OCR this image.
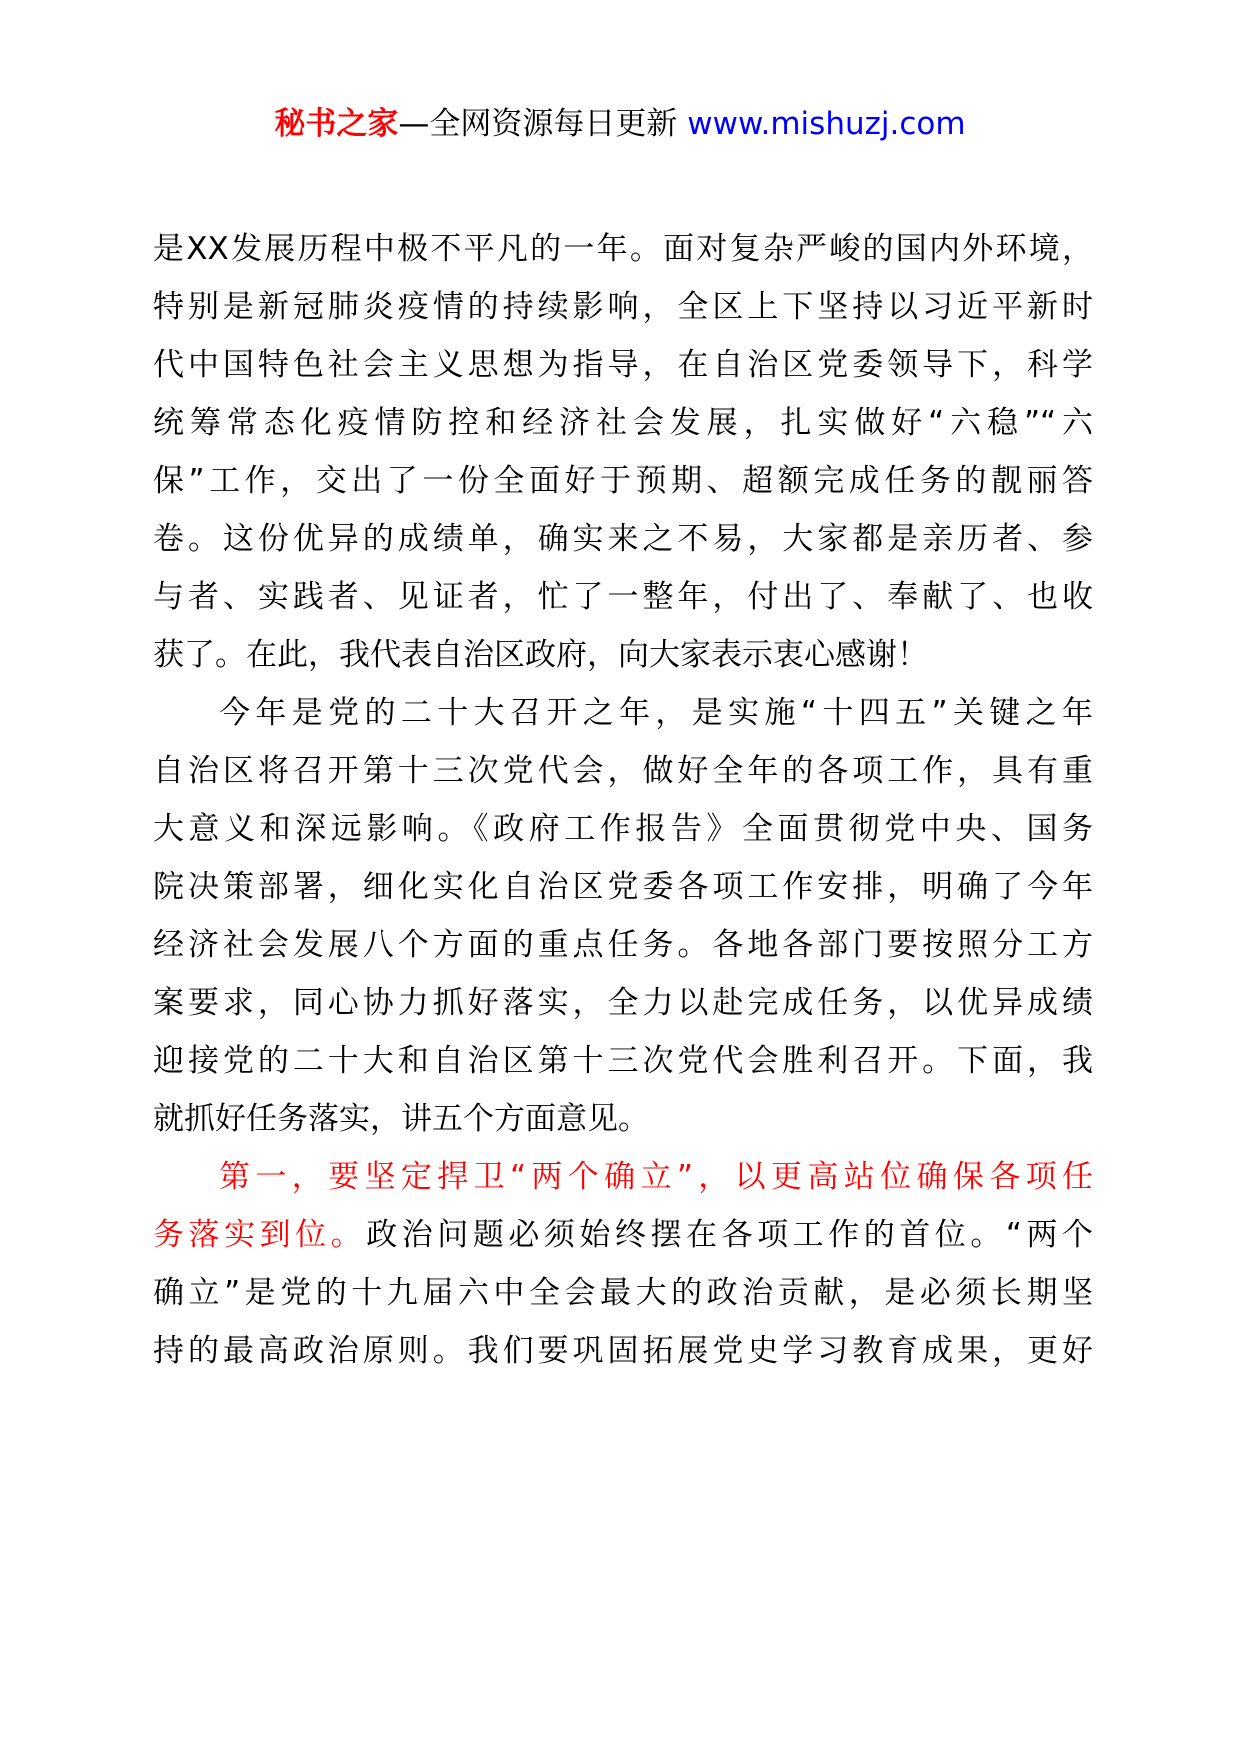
秘书之家—全网资源每日更新 www.mishuzj.com
是XX发展历程中极不平凡的一年。面对复杂严峻的国内外环境，
特别是新冠肺炎疫情的持续影响，全区上下坚持以习近平新时
代中国特色社会主义思想为指导，在自治区党委领导下，科学
统筹常态化疫情防控和经济社会发展，扎实做好“六稳”“六
保”工作，交出了一份全面好于预期、超额完成任务的靓丽答
卷。这份优异的成绩单，确实来之不易，大家都是亲历者、参
与者、实践者、见证者，忙了一整年，付出了、奉献了、也收
获了。在此，我代表自治区政府，向大家表示衷心感谢！
今年是党的二十大召开之年，是实施“十四五”关键之年
自治区将召开第十三次党代会，做好全年的各项工作，具有重
大意义和深远影响。《政府工作报告》全面贯彻党中央、国务
院决策部署，细化实化自治区党委各项工作安排，明确了今年
经济社会发展八个方面的重点任务。各地各部门要按照分工方
案要求，同心协力抓好落实，全力以赴完成任务，以优异成绩
迎接党的二十大和自治区第十三次党代会胜利召开。下面，我
就抓好任务落实，讲五个方面意见。
第一，要坚定捍卫“两个确立”，以更高站位确保各项任
务落实到位。政治问题必须始终摆在各项工作的首位。“两个
确立”是党的十九届六中全会最大的政治贡献，是必须长期坚
持的最高政治原则。我们要巩固拓展党史学习教育成果，更好
